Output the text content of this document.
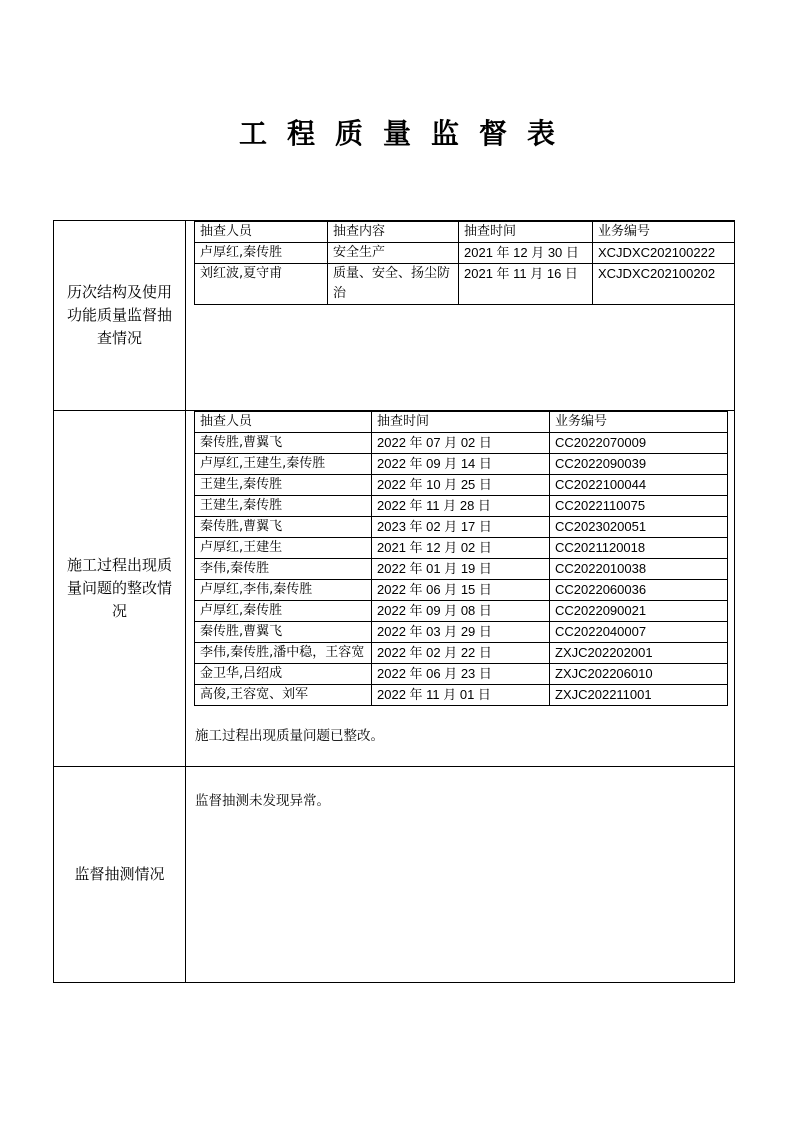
工程质量监督表
历次结构及使用功能质量监督抽查情况	
抽查人员	抽查内容	抽查时间	业务编号
卢厚红,秦传胜	安全生产	2021 年 12 月 30 日	XCJDXC202100222
刘红波,夏守甫	质量、安全、扬尘防治	2021 年 11 月 16 日	XCJDXC202100202

施工过程出现质量问题的整改情况	
抽查人员	抽查时间	业务编号
秦传胜,曹翼飞	2022 年 07 月 02 日	CC2022070009
卢厚红,王建生,秦传胜	2022 年 09 月 14 日	CC2022090039
王建生,秦传胜	2022 年 10 月 25 日	CC2022100044
王建生,秦传胜	2022 年 11 月 28 日	CC2022110075
秦传胜,曹翼飞	2023 年 02 月 17 日	CC2023020051
卢厚红,王建生	2021 年 12 月 02 日	CC2021120018
李伟,秦传胜	2022 年 01 月 19 日	CC2022010038
卢厚红,李伟,秦传胜	2022 年 06 月 15 日	CC2022060036
卢厚红,秦传胜	2022 年 09 月 08 日	CC2022090021
秦传胜,曹翼飞	2022 年 03 月 29 日	CC2022040007
李伟,秦传胜,潘中稳，王容宽	2022 年 02 月 22 日	ZXJC202202001
金卫华,吕绍成	2022 年 06 月 23 日	ZXJC202206010
高俊,王容宽、刘军	2022 年 11 月 01 日	ZXJC202211001

施工过程出现质量问题已整改。

监督抽测情况	

监督抽测未发现异常。
